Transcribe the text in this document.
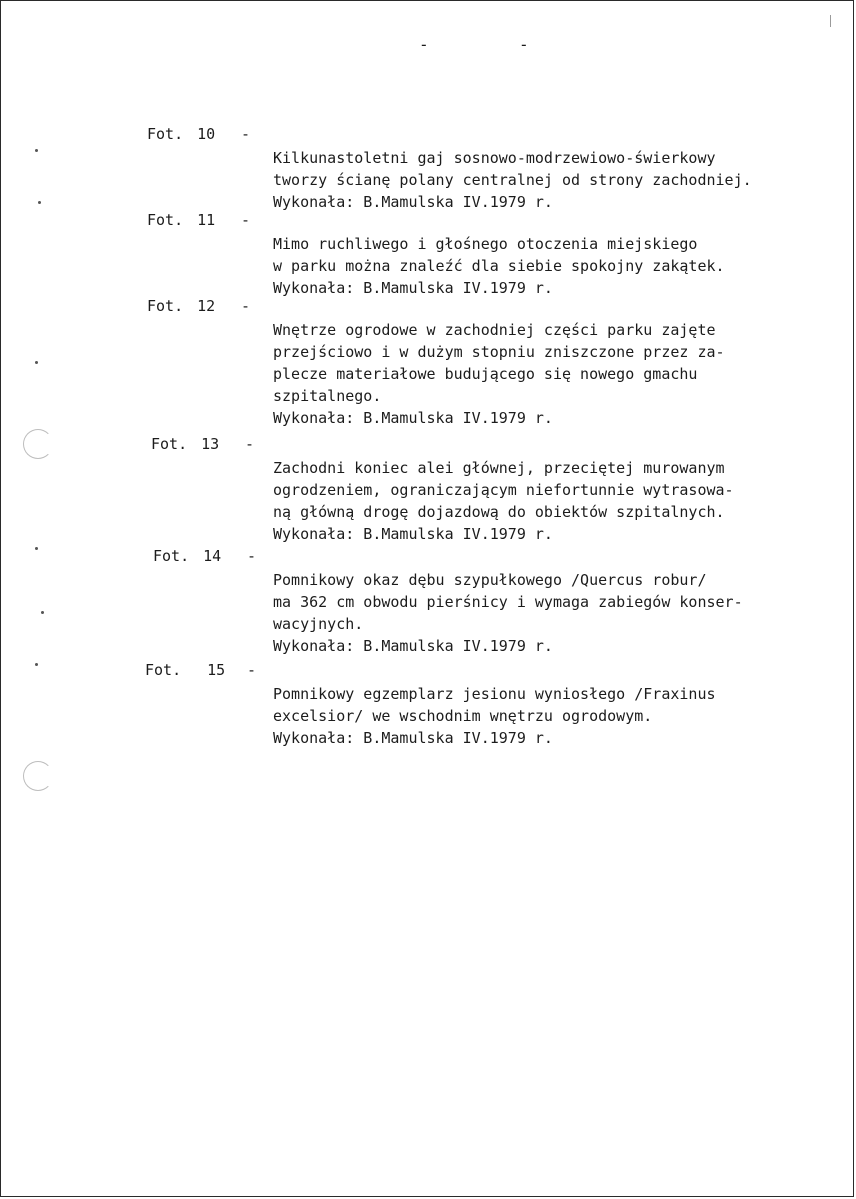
-	-
Fot. 10 -

Kilkunastoletni gaj sosnowo-modrzewiowo-świerkowy
tworzy ścianę polany centralnej od strony zachodniej.

Wykonała: B.Mamulska IV.1979 r.

Fot. 11 -

Mimo ruchliwego i głośnego otoczenia miejskiego
w parku można znaleźć dla siebie spokojny zakątek.

Wykonała: B.Mamulska IV.1979 r.

Fot. 12 -

Wnętrze ogrodowe w zachodniej części parku zajęte
przejściowo i w dużym stopniu zniszczone przez za-
plecze materiałowe budującego się nowego gmachu
szpitalnego.

Wykonała: B.Mamulska IV.1979 r.

Fot. 13 -

Zachodni koniec alei głównej, przeciętej murowanym
ogrodzeniem, ograniczającym niefortunnie wytrasowa-
ną główną drogę dojazdową do obiektów szpitalnych.

Wykonała: B.Mamulska IV.1979 r.

Fot. 14 -

Pomnikowy okaz dębu szypułkowego /Quercus robur/
ma 362 cm obwodu pierśnicy i wymaga zabiegów konser-
wacyjnych.

Wykonała: B.Mamulska IV.1979 r.

Fot. 15 -

Pomnikowy egzemplarz jesionu wyniosłego /Fraxinus
excelsior/ we wschodnim wnętrzu ogrodowym.

Wykonała: B.Mamulska IV.1979 r.
